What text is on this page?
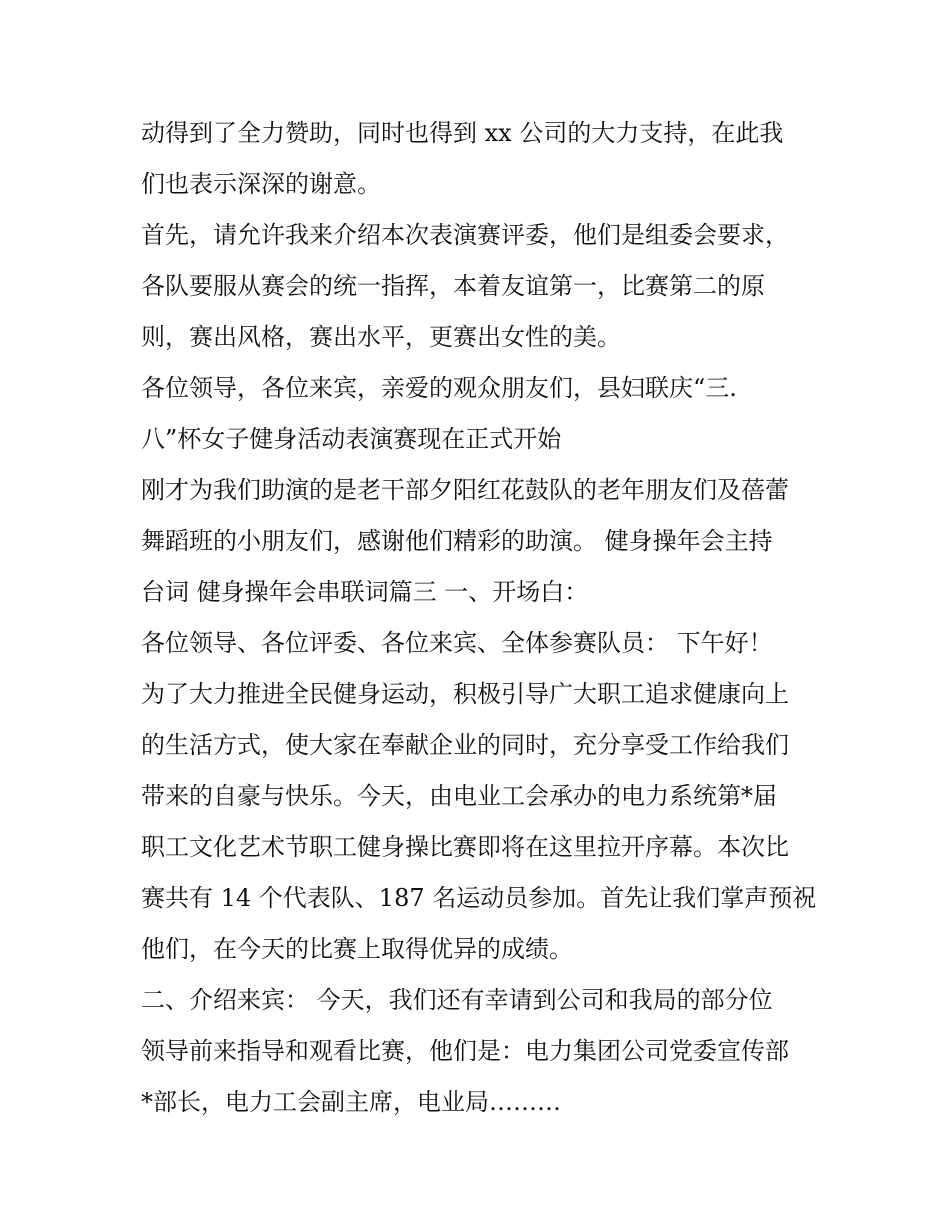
动得到了全力赞助，同时也得到 xx 公司的大力支持，在此我
们也表示深深的谢意。
首先，请允许我来介绍本次表演赛评委，他们是组委会要求，
各队要服从赛会的统一指挥，本着友谊第一，比赛第二的原
则，赛出风格，赛出水平，更赛出女性的美。
各位领导，各位来宾，亲爱的观众朋友们，县妇联庆“三.
八”杯女子健身活动表演赛现在正式开始
刚才为我们助演的是老干部夕阳红花鼓队的老年朋友们及蓓蕾
舞蹈班的小朋友们，感谢他们精彩的助演。 健身操年会主持
台词 健身操年会串联词篇三 一、开场白：
各位领导、各位评委、各位来宾、全体参赛队员： 下午好！
为了大力推进全民健身运动，积极引导广大职工追求健康向上
的生活方式，使大家在奉献企业的同时，充分享受工作给我们
带来的自豪与快乐。今天，由电业工会承办的电力系统第*届
职工文化艺术节职工健身操比赛即将在这里拉开序幕。本次比
赛共有 14 个代表队、187 名运动员参加。首先让我们掌声预祝
他们，在今天的比赛上取得优异的成绩。
二、介绍来宾： 今天，我们还有幸请到公司和我局的部分位
领导前来指导和观看比赛，他们是：电力集团公司党委宣传部
*部长，电力工会副主席，电业局………
